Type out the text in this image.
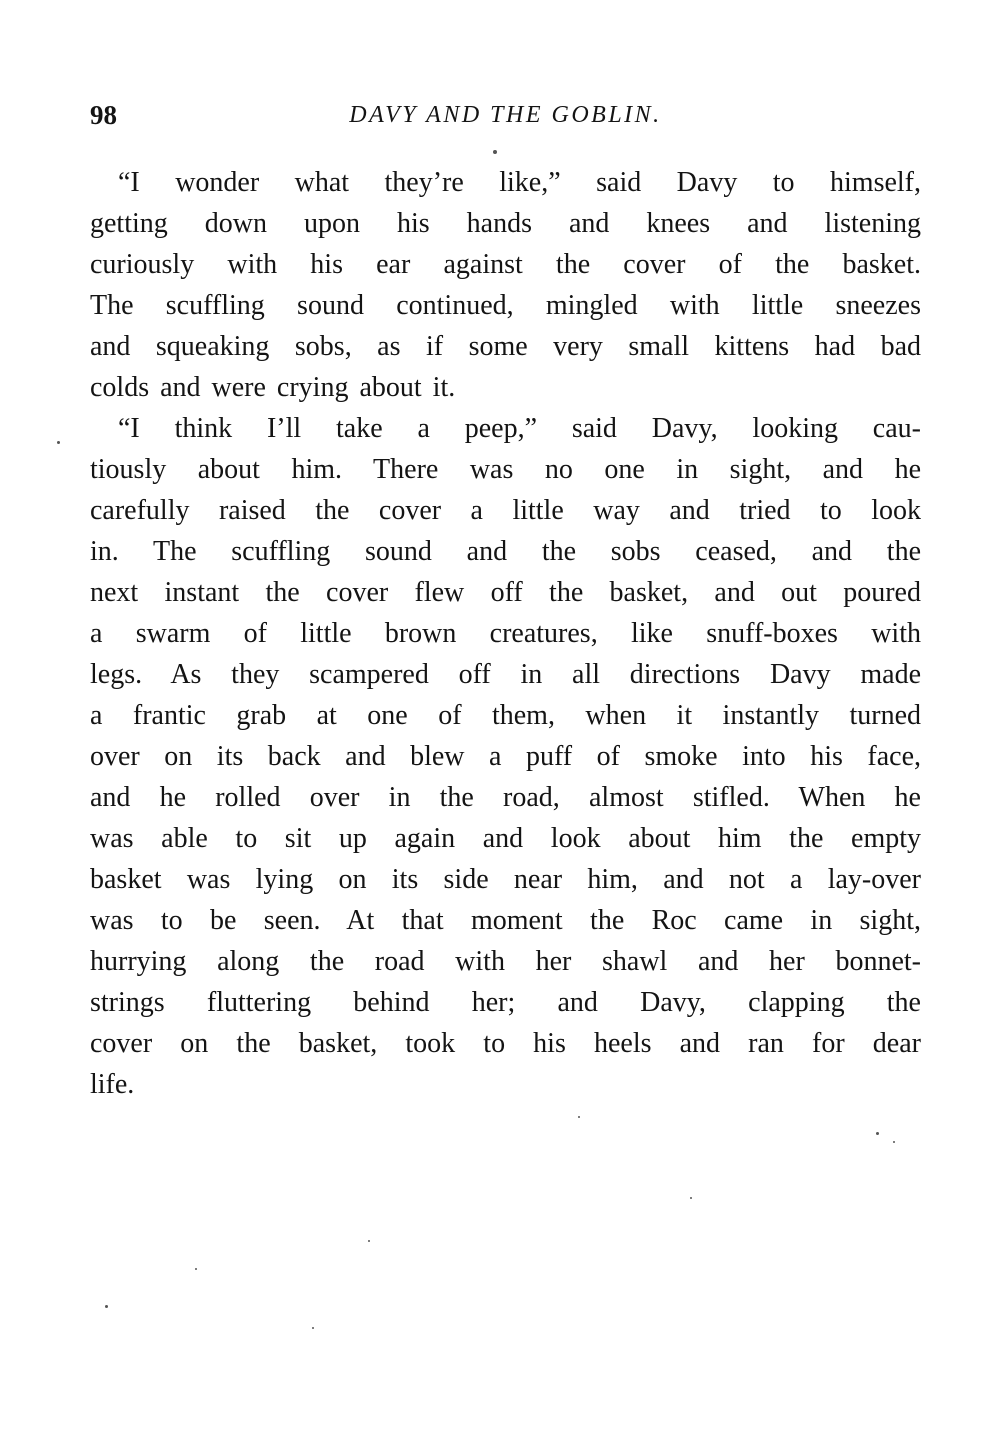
98	DAVY AND THE GOBLIN.
“I wonder what they’re like,” said Davy to himself,
getting down upon his hands and knees and listening
curiously with his ear against the cover of the basket.
The scuffling sound continued, mingled with little sneezes
and squeaking sobs, as if some very small kittens had bad
colds and were crying about it.
“I think I’ll take a peep,” said Davy, looking cau-
tiously about him. There was no one in sight, and he
carefully raised the cover a little way and tried to look
in. The scuffling sound and the sobs ceased, and the
next instant the cover flew off the basket, and out poured
a swarm of little brown creatures, like snuff-boxes with
legs. As they scampered off in all directions Davy made
a frantic grab at one of them, when it instantly turned
over on its back and blew a puff of smoke into his face,
and he rolled over in the road, almost stifled. When he
was able to sit up again and look about him the empty
basket was lying on its side near him, and not a lay-over
was to be seen. At that moment the Roc came in sight,
hurrying along the road with her shawl and her bonnet-
strings fluttering behind her; and Davy, clapping the
cover on the basket, took to his heels and ran for dear
life.
